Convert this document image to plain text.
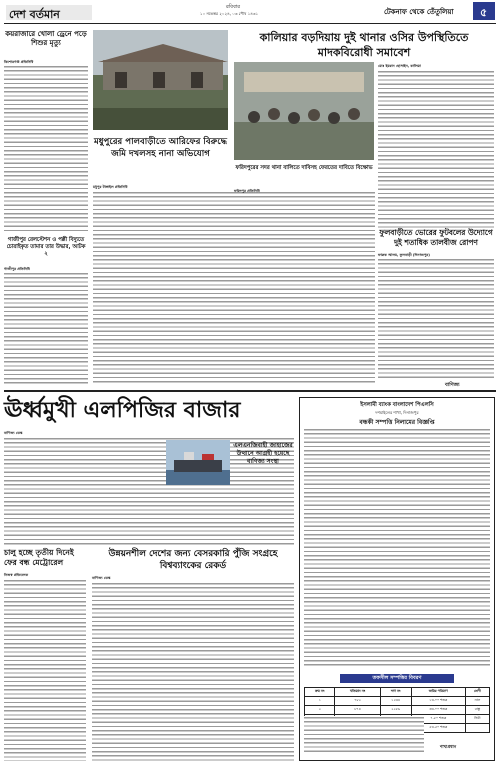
দেশ বর্তমান
রবিবার
১০ নভেম্বর ২০২৪, ০৩ পৌষ ১৪৩১	টেকনাফ থেকে তেঁতুলিয়া ৫
কয়রাজারে খোলা ড্রেনে পড়ে শিশুর মৃত্যু
কিশোরগঞ্জ প্রতিনিধি
গাজীপুর রেলস্টেশন ও পল্লী বিদ্যুতে চোরাইকৃত তামার তার উদ্ধার, আটক ২
গাজীপুর প্রতিনিধি
মধুপুরের পালবাড়ীতে আরিফের বিরুদ্ধে জমি দখলসহ নানা অভিযোগ
মধুপুর টাঙ্গাইল প্রতিনিধি
কালিয়ার বড়দিয়ায় দুই থানার ওসির উপস্থিতিতে মাদকবিরোধী সমাবেশ
মোঃ ইমরান হোসাইন, কালিয়া
ফরিদপুরের সদর থানা বালিতে দাবিসহ ফেরতের দাবিতে বিক্ষোভ
ফরিদপুর প্রতিনিধি
ফুলবাড়ীতে ভোরের ফুটবলের উদ্যোগে দুই শতাধিক তালবীজ রোপণ
ফারুক আলম, ফুলবাড়ী (দিনাজপুর)
বাণিজ্য
ঊর্ধ্বমুখী এলপিজির বাজার
বাণিজ্য ডেস্ক
চালু হচ্ছে তৃতীয় দিনেই ফের বন্ধ মেট্রোরেল
নিজস্ব প্রতিবেদক
উন্নয়নশীল দেশের জন্য বেসরকারি পুঁজি সংগ্রহে বিশ্বব্যাংকের রেকর্ড
বাণিজ্য ডেস্ক
এলএনজিবাহী জাহাজের উত্থানে আগ্রহী হয়েছে বাণিজ্য সংস্থা
ইসলামী ব্যাংক বাংলাদেশ পিএলসি
দশমাইলের শাখা, দিনাজপুর
বন্ধকী সম্পত্তি নিলামের বিজ্ঞপ্তি
তফসীল সম্পত্তির বিবরণ
ক্রম নং	খতিয়ান নং	দাগ নং	জমির পরিমাণ	শ্রেণী
১	৭৮২	১২৩৪	১৩.০০ শতক	নাল
২	৮৭৪	২২৮৬	৩৩.০০ শতক	বাস্তু
			৭.৫০ শতক	ভিটা
			৫৩.৫০ শতক	
শাখাপ্রধান
